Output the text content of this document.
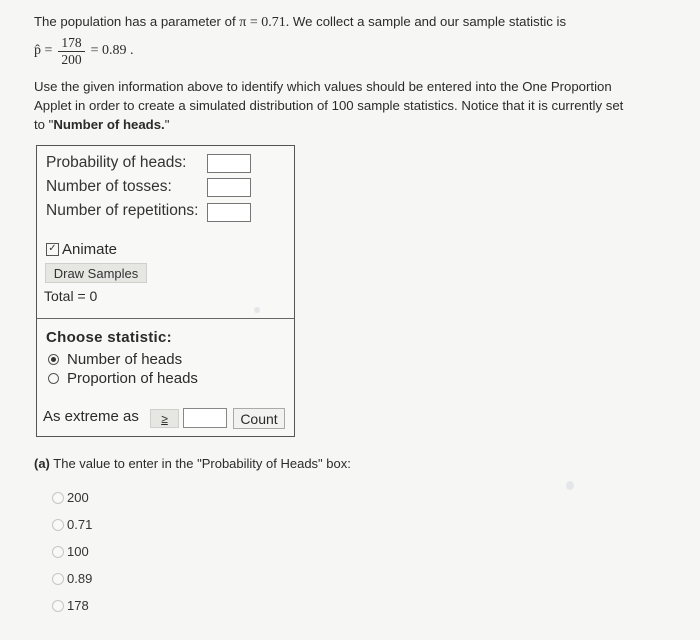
The population has a parameter of π = 0.71. We collect a sample and our sample statistic is
p̂ = $\frac{178}{200} = 0.89$ .
Use the given information above to identify which values should be entered into the One Proportion Applet in order to create a simulated distribution of 100 sample statistics. Notice that it is currently set to "Number of heads."
Probability of heads:
Number of tosses:
Number of repetitions:
✓ Animate
Draw Samples
Total = 0
Choose statistic:
Number of heads
Proportion of heads
As extreme as	≥	Count
(a) The value to enter in the "Probability of Heads" box:
200
0.71
100
0.89
178
